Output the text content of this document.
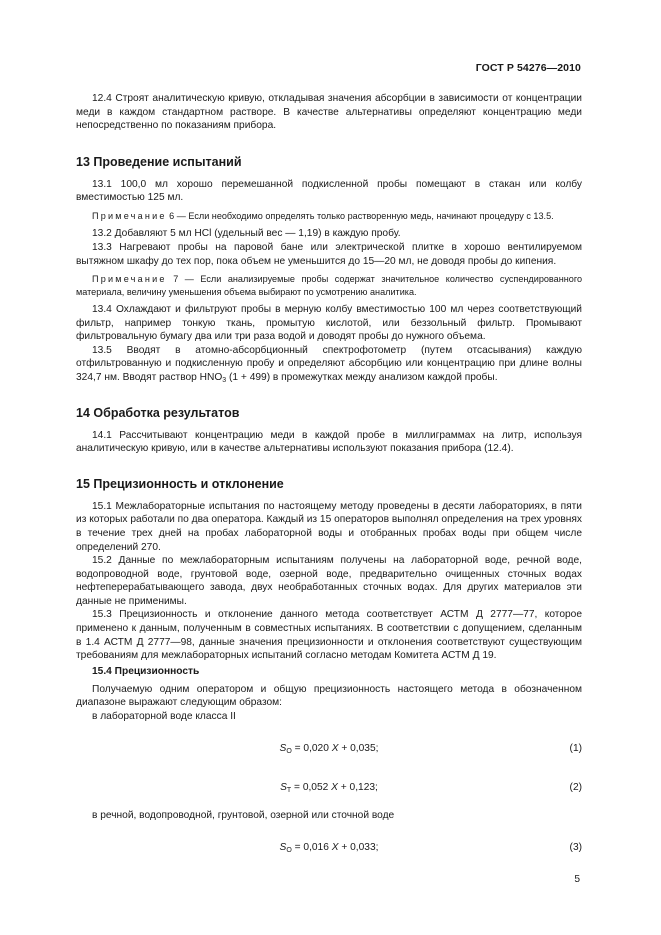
ГОСТ Р 54276—2010

12.4 Строят аналитическую кривую, откладывая значения абсорбции в зависимости от концентрации меди в каждом стандартном растворе. В качестве альтернативы определяют концентрацию меди непосредственно по показаниям прибора.

13 Проведение испытаний

13.1 100,0 мл хорошо перемешанной подкисленной пробы помещают в стакан или колбу вместимостью 125 мл.

Примечание 6 — Если необходимо определять только растворенную медь, начинают процедуру с 13.5.

13.2 Добавляют 5 мл HCl (удельный вес — 1,19) в каждую пробу.

13.3 Нагревают пробы на паровой бане или электрической плитке в хорошо вентилируемом вытяжном шкафу до тех пор, пока объем не уменьшится до 15—20 мл, не доводя пробы до кипения.

Примечание 7 — Если анализируемые пробы содержат значительное количество суспендированного материала, величину уменьшения объема выбирают по усмотрению аналитика.

13.4 Охлаждают и фильтруют пробы в мерную колбу вместимостью 100 мл через соответствующий фильтр, например тонкую ткань, промытую кислотой, или беззольный фильтр. Промывают фильтровальную бумагу два или три раза водой и доводят пробы до нужного объема.

13.5 Вводят в атомно-абсорбционный спектрофотометр (путем отсасывания) каждую отфильтрованную и подкисленную пробу и определяют абсорбцию или концентрацию при длине волны 324,7 нм. Вводят раствор $HNO_3$ (1 + 499) в промежутках между анализом каждой пробы.

14 Обработка результатов

14.1 Рассчитывают концентрацию меди в каждой пробе в миллиграммах на литр, используя аналитическую кривую, или в качестве альтернативы используют показания прибора (12.4).

15 Прецизионность и отклонение

15.1 Межлабораторные испытания по настоящему методу проведены в десяти лабораториях, в пяти из которых работали по два оператора. Каждый из 15 операторов выполнял определения на трех уровнях в течение трех дней на пробах лабораторной воды и отобранных пробах воды при общем числе определений 270.

15.2 Данные по межлабораторным испытаниям получены на лабораторной воде, речной воде, водопроводной воде, грунтовой воде, озерной воде, предварительно очищенных сточных водах нефтеперерабатывающего завода, двух необработанных сточных водах. Для других материалов эти данные не применимы.

15.3 Прецизионность и отклонение данного метода соответствует АСТМ Д 2777—77, которое применено к данным, полученным в совместных испытаниях. В соответствии с допущением, сделанным в 1.4 АСТМ Д 2777—98, данные значения прецизионности и отклонения соответствуют существующим требованиям для межлабораторных испытаний согласно методам Комитета АСТМ Д 19.

15.4 Прецизионность

Получаемую одним оператором и общую прецизионность настоящего метода в обозначенном диапазоне выражают следующим образом:

в лабораторной воде класса II

$S_O = 0,020$ X + 0,035;	(1)
$S_T = 0,052$ X + 0,123;	(2)

в речной, водопроводной, грунтовой, озерной или сточной воде

$S_O = 0,016$ X + 0,033;	(3)
5
